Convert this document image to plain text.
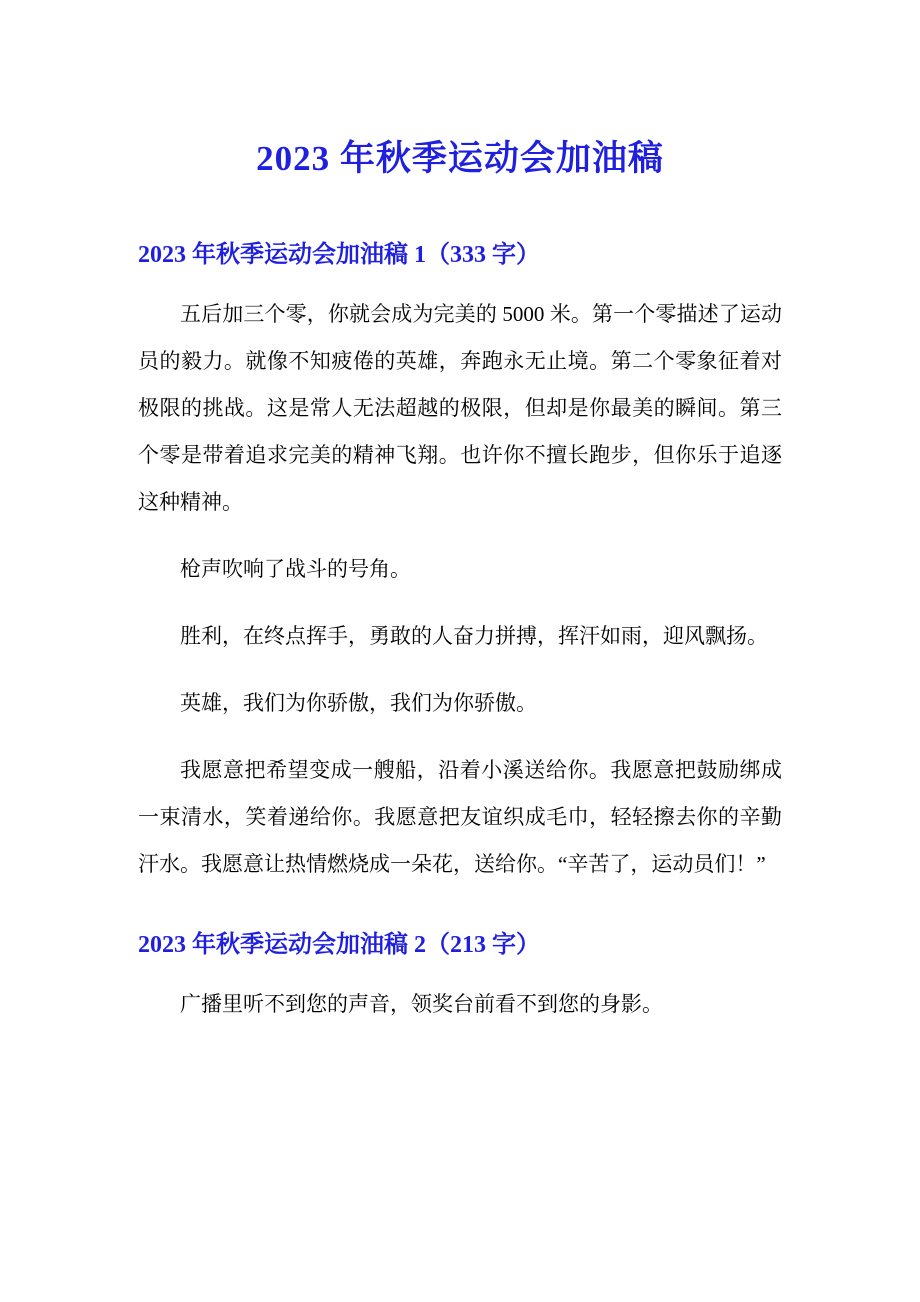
2023 年秋季运动会加油稿
2023 年秋季运动会加油稿 1（333 字）

五后加三个零，你就会成为完美的 5000 米。第一个零描述了运动员的毅力。就像不知疲倦的英雄，奔跑永无止境。第二个零象征着对极限的挑战。这是常人无法超越的极限，但却是你最美的瞬间。第三个零是带着追求完美的精神飞翔。也许你不擅长跑步，但你乐于追逐这种精神。

枪声吹响了战斗的号角。

胜利，在终点挥手，勇敢的人奋力拼搏，挥汗如雨，迎风飘扬。

英雄，我们为你骄傲，我们为你骄傲。

我愿意把希望变成一艘船，沿着小溪送给你。我愿意把鼓励绑成一束清水，笑着递给你。我愿意把友谊织成毛巾，轻轻擦去你的辛勤汗水。我愿意让热情燃烧成一朵花，送给你。“辛苦了，运动员们！”

2023 年秋季运动会加油稿 2（213 字）

广播里听不到您的声音，领奖台前看不到您的身影。
